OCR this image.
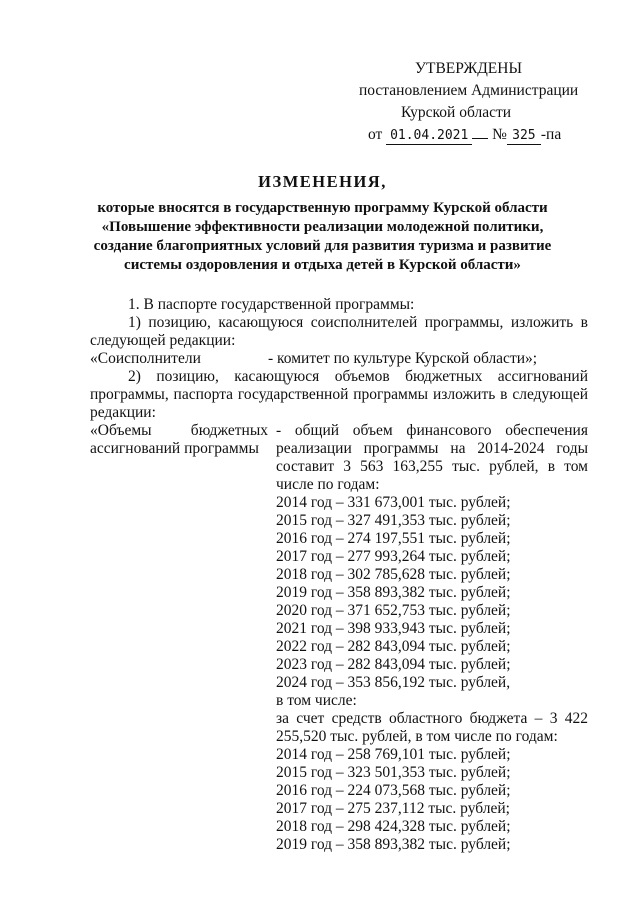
УТВЕРЖДЕНЫ
постановлением Администрации
Курской области
от 01.04.2021 № 325 -па
ИЗМЕНЕНИЯ,
которые вносятся в государственную программу Курской области
«Повышение эффективности реализации молодежной политики,
создание благоприятных условий для развития туризма и развитие
системы оздоровления и отдыха детей в Курской области»
1. В паспорте государственной программы:
1) позицию, касающуюся соисполнителей программы, изложить в следующей редакции:
«Соисполнители	- комитет по культуре Курской области»;
2) позицию, касающуюся объемов бюджетных ассигнований программы, паспорта государственной программы изложить в следующей редакции:
«Объемы бюджетных ассигнований программы
- общий объем финансового обеспечения реализации программы на 2014-2024 годы составит 3 563 163,255 тыс. рублей, в том числе по годам:
2014 год – 331 673,001 тыс. рублей;
2015 год – 327 491,353 тыс. рублей;
2016 год – 274 197,551 тыс. рублей;
2017 год – 277 993,264 тыс. рублей;
2018 год – 302 785,628 тыс. рублей;
2019 год – 358 893,382 тыс. рублей;
2020 год – 371 652,753 тыс. рублей;
2021 год – 398 933,943 тыс. рублей;
2022 год – 282 843,094 тыс. рублей;
2023 год – 282 843,094 тыс. рублей;
2024 год – 353 856,192 тыс. рублей,
в том числе:
за счет средств областного бюджета – 3 422 255,520 тыс. рублей, в том числе по годам:
2014 год – 258 769,101 тыс. рублей;
2015 год – 323 501,353 тыс. рублей;
2016 год – 224 073,568 тыс. рублей;
2017 год – 275 237,112 тыс. рублей;
2018 год – 298 424,328 тыс. рублей;
2019 год – 358 893,382 тыс. рублей;
